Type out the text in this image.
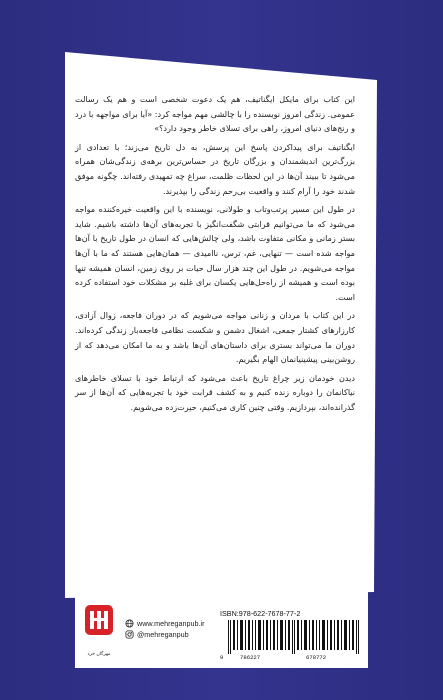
این کتاب برای مایکل ایگناتیف، هم یک دعوت شخصی است و هم یک رسالت عمومی. زندگی امروز نویسنده را با چالشی مهم مواجه کرد: «آیا برای مواجهه با درد و رنج‌های دنیای امروز، راهی برای تسلای خاطر وجود دارد؟»

ایگناتیف برای پیداکردن پاسخ این پرسش، به دل تاریخ می‌زند؛ با تعدادی از بزرگ‌ترین اندیشمندان و بزرگان تاریخ در حساس‌ترین برهه‌ی زندگی‌شان همراه می‌شود تا ببیند آن‌ها در این لحظات ظلمت، سراغ چه تمهیدی رفته‌اند. چگونه موفق شدند خود را آرام کنند و واقعیت بی‌رحم زندگی را بپذیرند.

در طول این مسیر پرتب‌وتاب و طولانی، نویسنده با این واقعیت خیره‌کننده مواجه می‌شود که ما می‌توانیم قرابتی شگفت‌انگیز با تجربه‌های آن‌ها داشته باشیم. شاید بستر زمانی و مکانی متفاوت باشد، ولی چالش‌هایی که انسان در طول تاریخ با آن‌ها مواجه شده است — تنهایی، غم، ترس، ناامیدی — همان‌هایی هستند که ما با آن‌ها مواجه می‌شویم. در طول این چند هزار سال حیات بر روی زمین، انسان همیشه تنها بوده است و همیشه از راه‌حل‌هایی یکسان برای غلبه بر مشکلات خود استفاده کرده است.

در این کتاب با مردان و زنانی مواجه می‌شویم که در دوران فاجعه، زوال آزادی، کارزارهای کشتار جمعی، اشغال دشمن و شکست نظامی فاجعه‌بار زندگی کرده‌اند. دوران ما می‌تواند بستری برای داستان‌های آن‌ها باشد و به ما امکان می‌دهد که از روشن‌بینی پیشینیانمان الهام بگیریم.

دیدن خودمان زیر چراغ تاریخ باعث می‌شود که ارتباط خود با تسلای خاطرهای نیاکانمان را دوباره زنده کنیم و به کشف قرابت خود با تجربه‌هایی که آن‌ها از سر گذرانده‌اند، بپردازیم. وقتی چنین کاری می‌کنیم، حیرت‌زده می‌شویم.

مهرگان خرد
www.mehreganpub.ir
@mehreganpub
ISBN:978-622-7678-77-2
9	786227	678772
